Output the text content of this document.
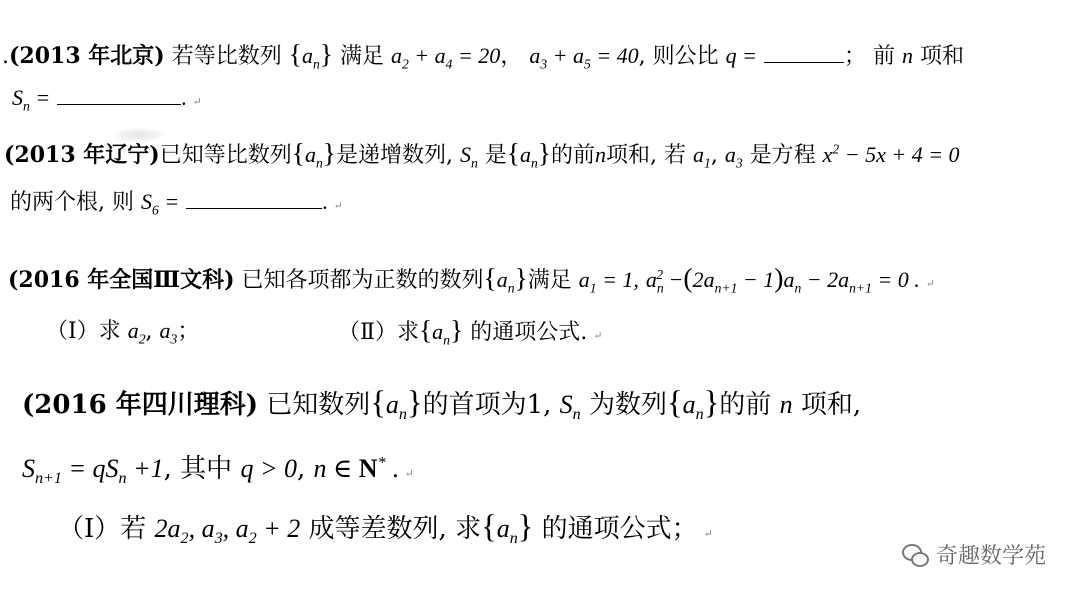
.(2013 年北京) 若等比数列 $\{a_n\}$ 满足 $a_2 + a_4 = 20$， $a_3 + a_5 = 40$, 则公比 q =	； 前 n 项和
$S_n$ =	. ↵
(2013 年辽宁)已知等比数列$\{a_n\}$是递增数列, $S_n$ 是$\{a_n\}$的前n项和, 若 $a_1$, $a_3$ 是方程 $x^2 - 5x + 4 = 0$
的两个根, 则 $S_6$ =	. ↵
(2016 年全国Ⅲ文科) 已知各项都为正数的数列$\{a_n\}$满足 $a_1 = 1$, $a_n^2 -(2a_{n+1} - 1)a_n - 2a_{n+1} = 0$ . ↵
（Ⅰ）求 $a_2$, $a_3$；	（Ⅱ）求$\{a_n\}$ 的通项公式. ↵
(2016 年四川理科) 已知数列$\{a_n\}$的首项为1, $S_n$ 为数列$\{a_n\}$的前 n 项和,
$S_{n+1} = qS_n +1$, 其中 q > 0, n ∈ N* . ↵
（Ⅰ）若 $2a_2$, $a_3$, $a_2 + 2$ 成等差数列, 求$\{a_n\}$ 的通项公式； ↵
奇趣数学苑
